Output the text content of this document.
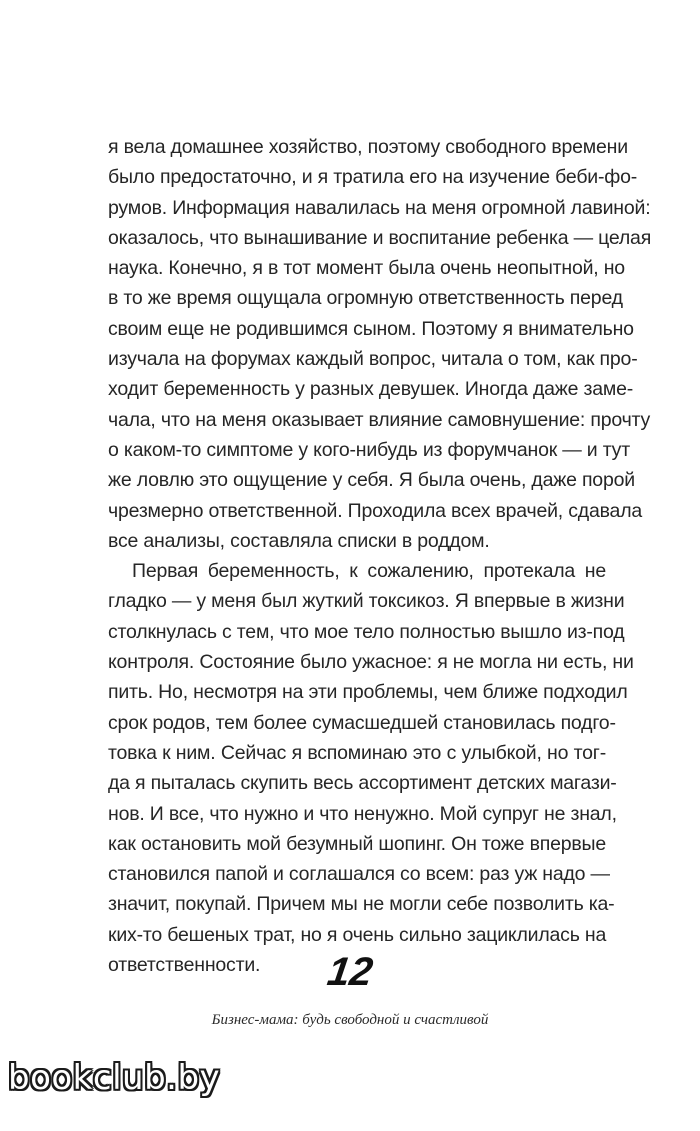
я вела домашнее хозяйство, поэтому свободного времени
было предостаточно, и я тратила его на изучение беби-фо-
румов. Информация навалилась на меня огромной лавиной:
оказалось, что вынашивание и воспитание ребенка — целая
наука. Конечно, я в тот момент была очень неопытной, но
в то же время ощущала огромную ответственность перед
своим еще не родившимся сыном. Поэтому я внимательно
изучала на форумах каждый вопрос, читала о том, как про-
ходит беременность у разных девушек. Иногда даже заме-
чала, что на меня оказывает влияние самовнушение: прочту
о каком-то симптоме у кого-нибудь из форумчанок — и тут
же ловлю это ощущение у себя. Я была очень, даже порой
чрезмерно ответственной. Проходила всех врачей, сдавала
все анализы, составляла списки в роддом.
Первая беременность, к сожалению, протекала не
гладко — у меня был жуткий токсикоз. Я впервые в жизни
столкнулась с тем, что мое тело полностью вышло из-под
контроля. Состояние было ужасное: я не могла ни есть, ни
пить. Но, несмотря на эти проблемы, чем ближе подходил
срок родов, тем более сумасшедшей становилась подго-
товка к ним. Сейчас я вспоминаю это с улыбкой, но тог-
да я пыталась скупить весь ассортимент детских магази-
нов. И все, что нужно и что ненужно. Мой супруг не знал,
как остановить мой безумный шопинг. Он тоже впервые
становился папой и соглашался со всем: раз уж надо —
значит, покупай. Причем мы не могли себе позволить ка-
ких-то бешеных трат, но я очень сильно зациклилась на
ответственности.	12
Бизнес-мама: будь свободной и счастливой
bookclub.by
